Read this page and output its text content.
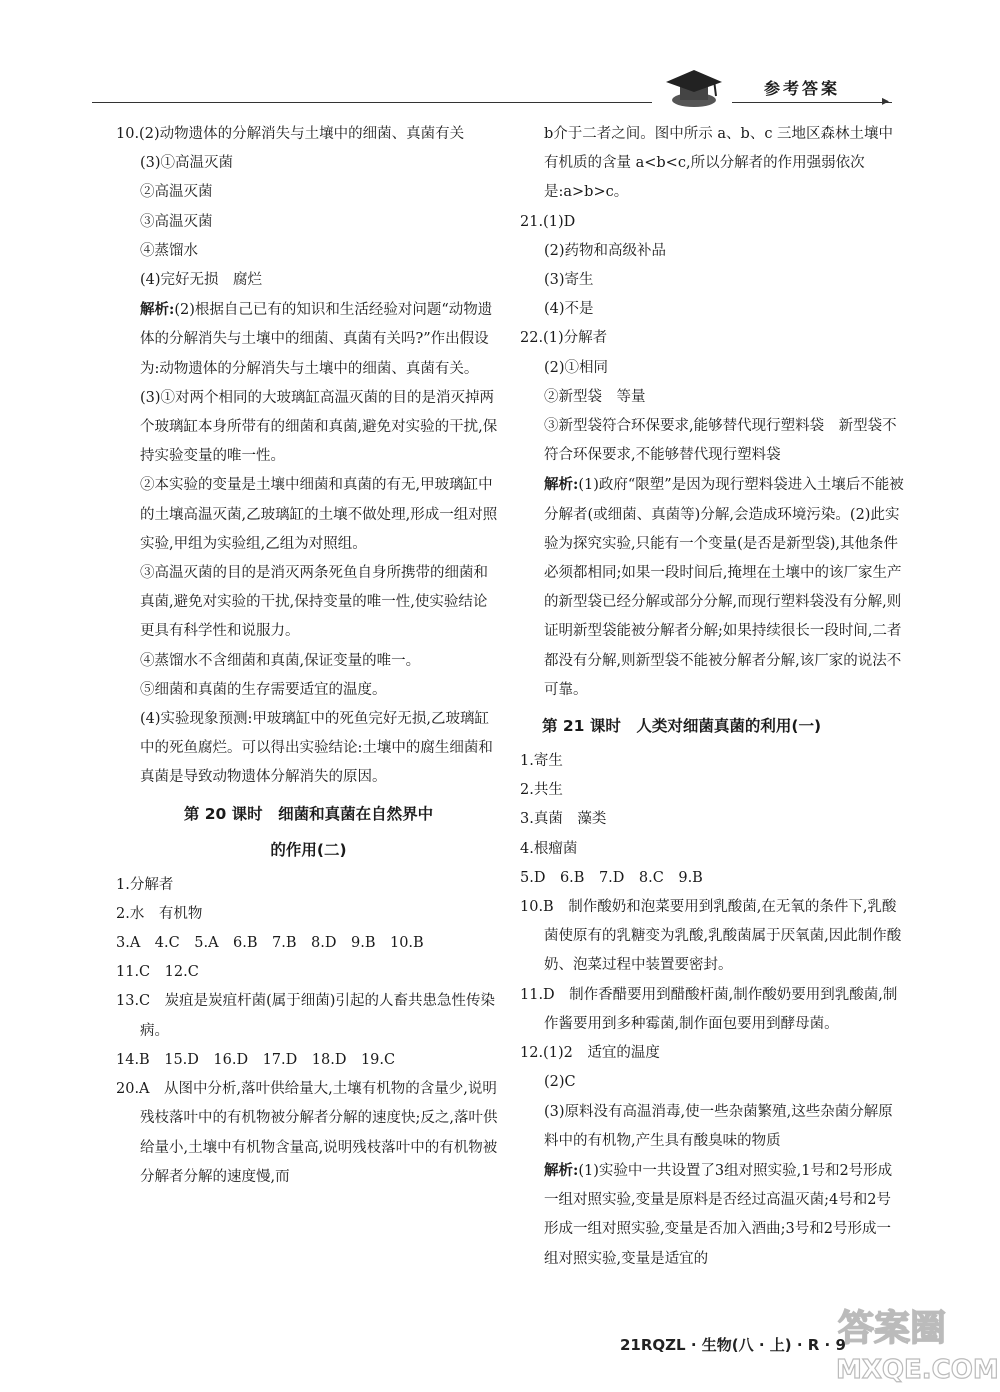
参考答案
▸

10.(2)动物遗体的分解消失与土壤中的细菌、真菌有关

(3)①高温灭菌

②高温灭菌

③高温灭菌

④蒸馏水

(4)完好无损　腐烂

解析:(2)根据自己已有的知识和生活经验对问题“动物遗体的分解消失与土壤中的细菌、真菌有关吗?”作出假设为:动物遗体的分解消失与土壤中的细菌、真菌有关。

(3)①对两个相同的大玻璃缸高温灭菌的目的是消灭掉两个玻璃缸本身所带有的细菌和真菌,避免对实验的干扰,保持实验变量的唯一性。

②本实验的变量是土壤中细菌和真菌的有无,甲玻璃缸中的土壤高温灭菌,乙玻璃缸的土壤不做处理,形成一组对照实验,甲组为实验组,乙组为对照组。

③高温灭菌的目的是消灭两条死鱼自身所携带的细菌和真菌,避免对实验的干扰,保持变量的唯一性,使实验结论更具有科学性和说服力。

④蒸馏水不含细菌和真菌,保证变量的唯一。

⑤细菌和真菌的生存需要适宜的温度。

(4)实验现象预测:甲玻璃缸中的死鱼完好无损,乙玻璃缸中的死鱼腐烂。可以得出实验结论:土壤中的腐生细菌和真菌是导致动物遗体分解消失的原因。

第 20 课时　细菌和真菌在自然界中

的作用(二)

1.分解者

2.水　有机物

3.A　4.C　5.A　6.B　7.B　8.D　9.B　10.B

11.C　12.C

13.C　炭疽是炭疽杆菌(属于细菌)引起的人畜共患急性传染病。

14.B　15.D　16.D　17.D　18.D　19.C

20.A　从图中分析,落叶供给量大,土壤有机物的含量少,说明残枝落叶中的有机物被分解者分解的速度快;反之,落叶供给量小,土壤中有机物含量高,说明残枝落叶中的有机物被分解者分解的速度慢,而

b介于二者之间。图中所示 a、b、c 三地区森林土壤中有机质的含量 a<b<c,所以分解者的作用强弱依次是:a>b>c。

21.(1)D

(2)药物和高级补品

(3)寄生

(4)不是

22.(1)分解者

(2)①相同

②新型袋　等量

③新型袋符合环保要求,能够替代现行塑料袋　新型袋不符合环保要求,不能够替代现行塑料袋

解析:(1)政府“限塑”是因为现行塑料袋进入土壤后不能被分解者(或细菌、真菌等)分解,会造成环境污染。(2)此实验为探究实验,只能有一个变量(是否是新型袋),其他条件必须都相同;如果一段时间后,掩埋在土壤中的该厂家生产的新型袋已经分解或部分分解,而现行塑料袋没有分解,则证明新型袋能被分解者分解;如果持续很长一段时间,二者都没有分解,则新型袋不能被分解者分解,该厂家的说法不可靠。

第 21 课时　人类对细菌真菌的利用(一)

1.寄生

2.共生

3.真菌　藻类

4.根瘤菌

5.D　6.B　7.D　8.C　9.B

10.B　制作酸奶和泡菜要用到乳酸菌,在无氧的条件下,乳酸菌使原有的乳糖变为乳酸,乳酸菌属于厌氧菌,因此制作酸奶、泡菜过程中装置要密封。

11.D　制作香醋要用到醋酸杆菌,制作酸奶要用到乳酸菌,制作酱要用到多种霉菌,制作面包要用到酵母菌。

12.(1)2　适宜的温度

(2)C

(3)原料没有高温消毒,使一些杂菌繁殖,这些杂菌分解原料中的有机物,产生具有酸臭味的物质

解析:(1)实验中一共设置了3组对照实验,1号和2号形成一组对照实验,变量是原料是否经过高温灭菌;4号和2号形成一组对照实验,变量是否加入酒曲;3号和2号形成一组对照实验,变量是适宜的

21RQZL · 生物(八 · 上) · R · 9
答案圈
MXQE.COM
